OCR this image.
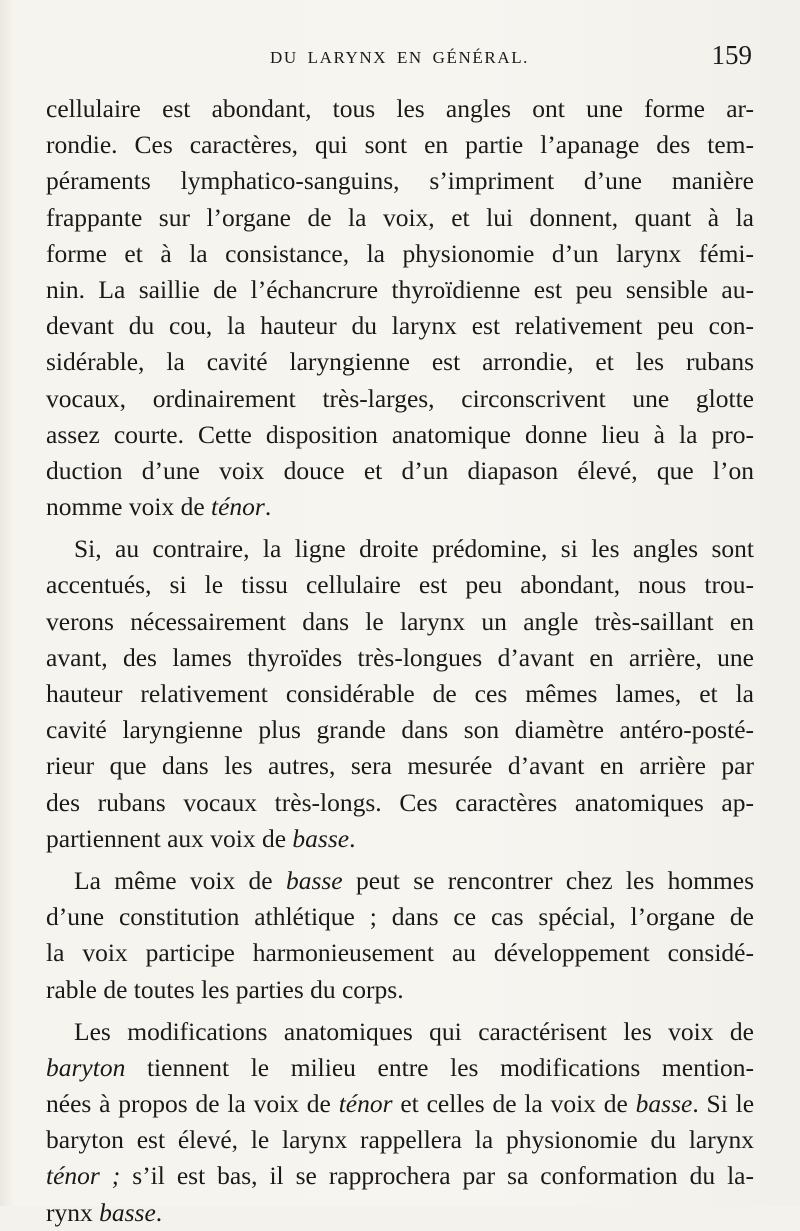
DU LARYNX EN GÉNÉRAL.	159
cellulaire est abondant, tous les angles ont une forme ar-
rondie. Ces caractères, qui sont en partie l’apanage des tem-
péraments lymphatico-sanguins, s’impriment d’une manière
frappante sur l’organe de la voix, et lui donnent, quant à la
forme et à la consistance, la physionomie d’un larynx fémi-
nin. La saillie de l’échancrure thyroïdienne est peu sensible au-
devant du cou, la hauteur du larynx est relativement peu con-
sidérable, la cavité laryngienne est arrondie, et les rubans
vocaux, ordinairement très-larges, circonscrivent une glotte
assez courte. Cette disposition anatomique donne lieu à la pro-
duction d’une voix douce et d’un diapason élevé, que l’on
nomme voix de ténor.
Si, au contraire, la ligne droite prédomine, si les angles sont
accentués, si le tissu cellulaire est peu abondant, nous trou-
verons nécessairement dans le larynx un angle très-saillant en
avant, des lames thyroïdes très-longues d’avant en arrière, une
hauteur relativement considérable de ces mêmes lames, et la
cavité laryngienne plus grande dans son diamètre antéro-posté-
rieur que dans les autres, sera mesurée d’avant en arrière par
des rubans vocaux très-longs. Ces caractères anatomiques ap-
partiennent aux voix de basse.
La même voix de basse peut se rencontrer chez les hommes
d’une constitution athlétique ; dans ce cas spécial, l’organe de
la voix participe harmonieusement au développement considé-
rable de toutes les parties du corps.
Les modifications anatomiques qui caractérisent les voix de
baryton tiennent le milieu entre les modifications mention-
nées à propos de la voix de ténor et celles de la voix de basse. Si le
baryton est élevé, le larynx rappellera la physionomie du larynx
ténor ; s’il est bas, il se rapprochera par sa conformation du la-
rynx basse.
